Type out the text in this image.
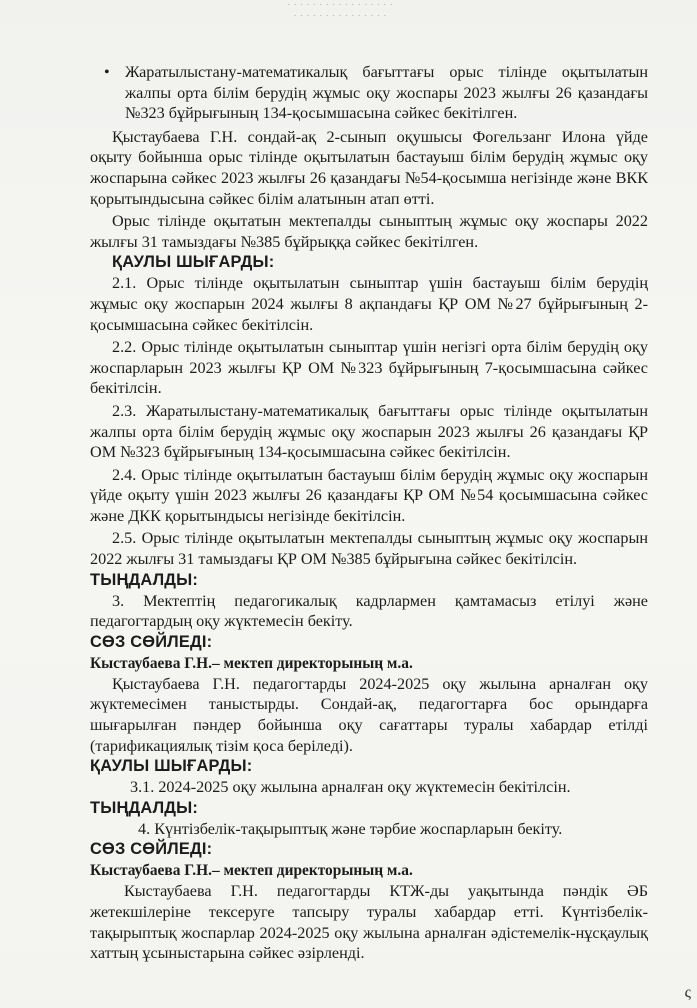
· · · · · · · · · · · · · · · · ·
· · · · · · · · · · · · · · ·
• Жаратылыстану-математикалық бағыттағы орыс тілінде оқытылатын жалпы орта білім берудің жұмыс оқу жоспары 2023 жылғы 26 қазандағы №323 бұйрығының 134-қосымшасына сәйкес бекітілген.

Қыстаубаева Г.Н. сондай-ақ 2-сынып оқушысы Фогельзанг Илона үйде оқыту бойынша орыс тілінде оқытылатын бастауыш білім берудің жұмыс оқу жоспарына сәйкес 2023 жылғы 26 қазандағы №54-қосымша негізінде және ВКК қорытындысына сәйкес білім алатынын атап өтті.

Орыс тілінде оқытатын мектепалды сыныптың жұмыс оқу жоспары 2022 жылғы 31 тамыздағы №385 бұйрыққа сәйкес бекітілген.

ҚАУЛЫ ШЫҒАРДЫ:

2.1. Орыс тілінде оқытылатын сыныптар үшін бастауыш білім берудің жұмыс оқу жоспарын 2024 жылғы 8 ақпандағы ҚР ОМ №27 бұйрығының 2-қосымшасына сәйкес бекітілсін.

2.2. Орыс тілінде оқытылатын сыныптар үшін негізгі орта білім берудің оқу жоспарларын 2023 жылғы ҚР ОМ №323 бұйрығының 7-қосымшасына сәйкес бекітілсін.

2.3. Жаратылыстану-математикалық бағыттағы орыс тілінде оқытылатын жалпы орта білім берудің жұмыс оқу жоспарын 2023 жылғы 26 қазандағы ҚР ОМ №323 бұйрығының 134-қосымшасына сәйкес бекітілсін.

2.4. Орыс тілінде оқытылатын бастауыш білім берудің жұмыс оқу жоспарын үйде оқыту үшін 2023 жылғы 26 қазандағы ҚР ОМ №54 қосымшасына сәйкес және ДКК қорытындысы негізінде бекітілсін.

2.5. Орыс тілінде оқытылатын мектепалды сыныптың жұмыс оқу жоспарын 2022 жылғы 31 тамыздағы ҚР ОМ №385 бұйрығына сәйкес бекітілсін.

ТЫҢДАЛДЫ:

3. Мектептің педагогикалық кадрлармен қамтамасыз етілуі және педагогтардың оқу жүктемесін бекіту.

СӨЗ СӨЙЛЕДІ:
Кыстаубаева Г.Н.– мектеп директорының м.а.

Қыстаубаева Г.Н. педагогтарды 2024-2025 оқу жылына арналған оқу жүктемесімен таныстырды. Сондай-ақ, педагогтарға бос орындарға шығарылған пәндер бойынша оқу сағаттары туралы хабардар етілді (тарификациялық тізім қоса беріледі).

ҚАУЛЫ ШЫҒАРДЫ:

3.1. 2024-2025 оқу жылына арналған оқу жүктемесін бекітілсін.

ТЫҢДАЛДЫ:

4. Күнтізбелік-тақырыптық және тәрбие жоспарларын бекіту.

СӨЗ СӨЙЛЕДІ:
Кыстаубаева Г.Н.– мектеп директорының м.а.

Кыстаубаева Г.Н. педагогтарды КТЖ-ды уақытында пәндік ӘБ жетекшілеріне тексеруге тапсыру туралы хабардар етті. Күнтізбелік-тақырыптық жоспарлар 2024-2025 оқу жылына арналған әдістемелік-нұсқаулық хаттың ұсыныстарына сәйкес әзірленді.

ς
